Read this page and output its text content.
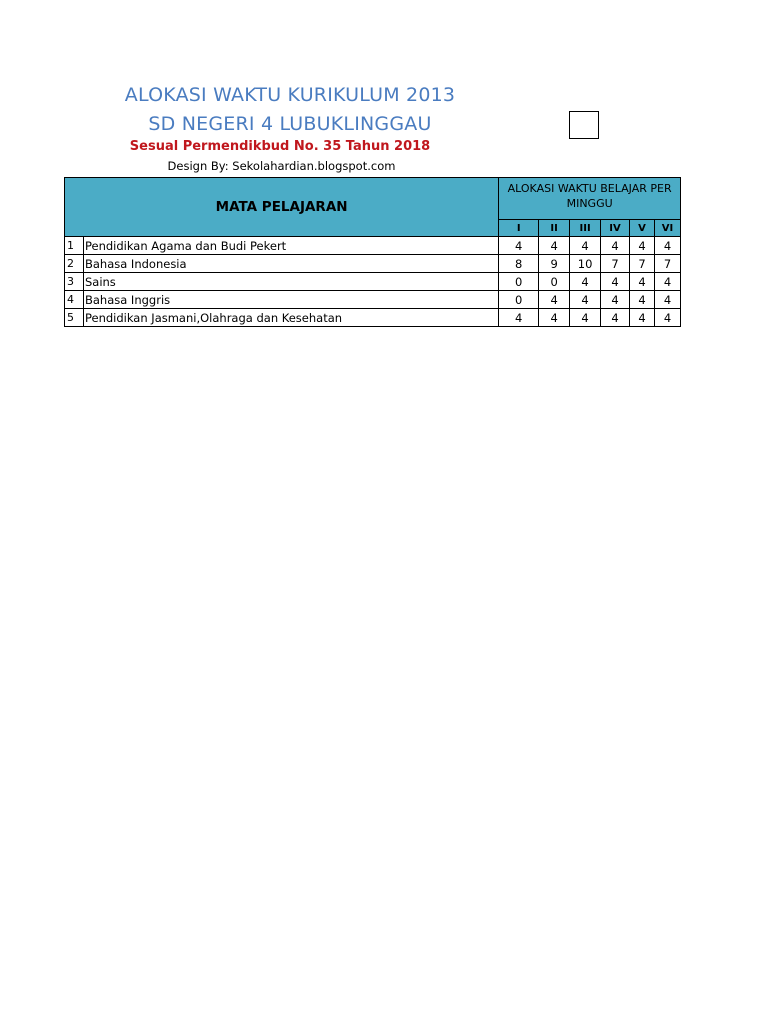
ALOKASI WAKTU KURIKULUM 2013
SD NEGERI 4 LUBUKLINGGAU
Sesual Permendikbud No. 35 Tahun 2018
Design By: Sekolahardian.blogspot.com
MATA PELAJARAN		ALOKASI WAKTU BELAJAR PER MINGGU					
		I	II	III	IV	V	VI
1	Pendidikan Agama dan Budi Pekert	4	4	4	4	4	4
2	Bahasa Indonesia	8	9	10	7	7	7
3	Sains	0	0	4	4	4	4
4	Bahasa Inggris	0	4	4	4	4	4
5	Pendidikan Jasmani,Olahraga dan Kesehatan	4	4	4	4	4	4
